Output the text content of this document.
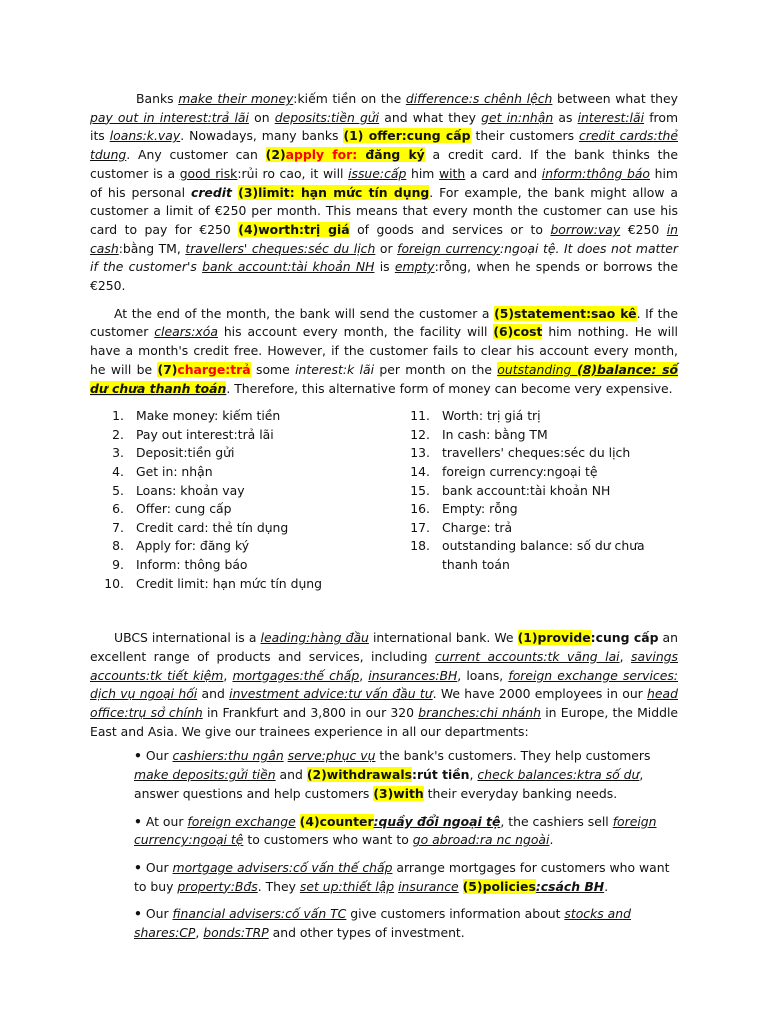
Banks make their money:kiếm tiền on the difference:s chênh lệch between what they pay out in interest:trả lãi on deposits:tiền gửi and what they get in:nhận as interest:lãi from its loans:k.vay. Nowadays, many banks (1) offer:cung cấp their customers credit cards:thẻ tdung. Any customer can (2)apply for: đăng ký a credit card. If the bank thinks the customer is a good risk:rủi ro cao, it will issue:cấp him with a card and inform:thông báo him of his personal credit (3)limit: hạn mức tín dụng. For example, the bank might allow a customer a limit of €250 per month. This means that every month the customer can use his card to pay for €250 (4)worth:trị giá of goods and services or to borrow:vay €250 in cash:bằng TM, travellers' cheques:séc du lịch or foreign currency:ngoại tệ. It does not matter if the customer's bank account:tài khoản NH is empty:rỗng, when he spends or borrows the €250.

At the end of the month, the bank will send the customer a (5)statement:sao kê. If the customer clears:xóa his account every month, the facility will (6)cost him nothing. He will have a month's credit free. However, if the customer fails to clear his account every month, he will be (7)charge:trả some interest:k lãi per month on the outstanding (8)balance: số dư chưa thanh toán. Therefore, this alternative form of money can become very expensive.

1. Make money: kiếm tiền
2. Pay out interest:trả lãi
3. Deposit:tiền gửi
4. Get in: nhận
5. Loans: khoản vay
6. Offer: cung cấp
7. Credit card: thẻ tín dụng
8. Apply for: đăng ký
9. Inform: thông báo
10. Credit limit: hạn mức tín dụng
11. Worth: trị giá trị
12. In cash: bằng TM
13. travellers' cheques:séc du lịch
14. foreign currency:ngoại tệ
15. bank account:tài khoản NH
16. Empty: rỗng
17. Charge: trả
18. outstanding balance: số dư chưa thanh toán

UBCS international is a leading:hàng đầu international bank. We (1)provide:cung cấp an excellent range of products and services, including current accounts:tk vãng lai, savings accounts:tk tiết kiệm, mortgages:thế chấp, insurances:BH, loans, foreign exchange services: dịch vụ ngoại hối and investment advice:tư vấn đầu tư. We have 2000 employees in our head office:trụ sở chính in Frankfurt and 3,800 in our 320 branches:chi nhánh in Europe, the Middle East and Asia. We give our trainees experience in all our departments:

• Our cashiers:thu ngân serve:phục vụ the bank's customers. They help customers make deposits:gửi tiền and (2)withdrawals:rút tiền, check balances:ktra số dư, answer questions and help customers (3)with their everyday banking needs.
• At our foreign exchange (4)counter:quầy đổi ngoại tệ, the cashiers sell foreign currency:ngoại tệ to customers who want to go abroad:ra nc ngoài.
• Our mortgage advisers:cố vấn thế chấp arrange mortgages for customers who want to buy property:Bđs. They set up:thiết lập insurance (5)policies:csách BH.
• Our financial advisers:cố vấn TC give customers information about stocks and shares:CP, bonds:TRP and other types of investment.
